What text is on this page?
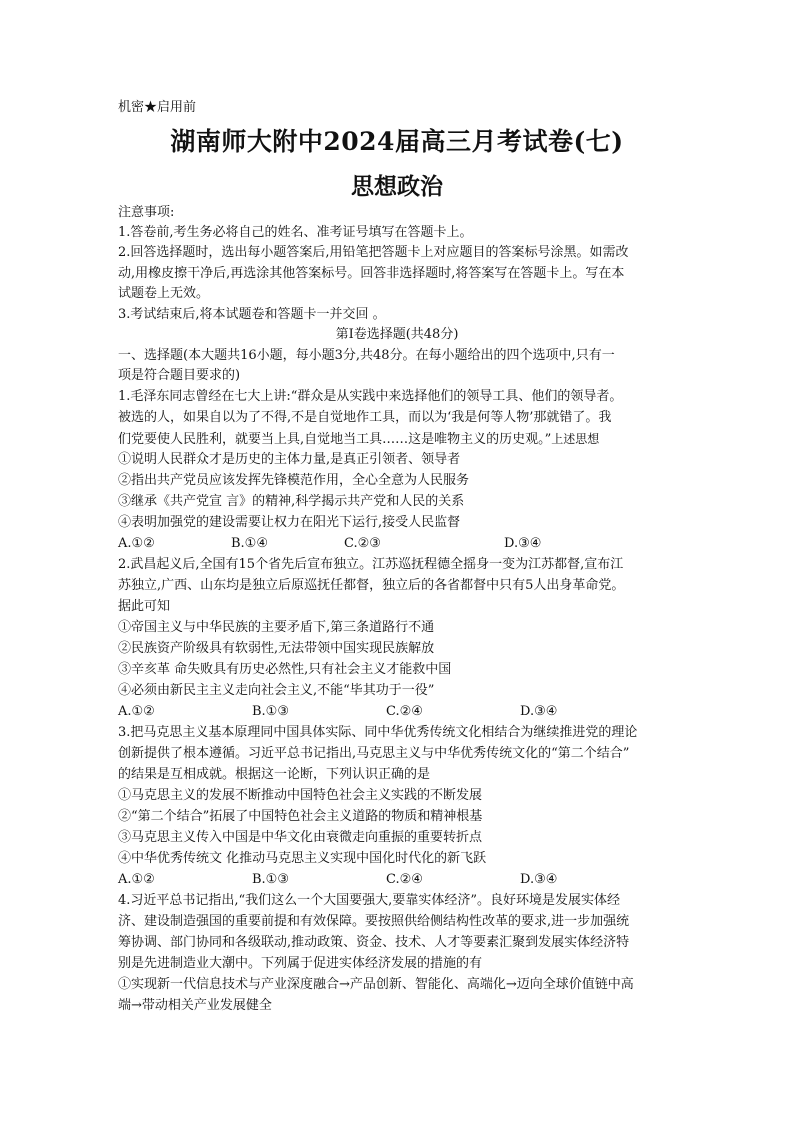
机密★启用前
湖南师大附中2024届高三月考试卷(七)
思想政治
注意事项:
1.答卷前,考生务必将自己的姓名、准考证号填写在答题卡上。
2.回答选择题时，选出每小题答案后,用铅笔把答题卡上对应题目的答案标号涂黑。如需改
动,用橡皮擦干净后,再选涂其他答案标号。回答非选择题时,将答案写在答题卡上。写在本
试题卷上无效。
3.考试结束后,将本试题卷和答题卡一并交回 。
第Ⅰ卷选择题(共48分)
一、选择题(本大题共16小题，每小题3分,共48分。在每小题给出的四个选项中,只有一
项是符合题目要求的)
1.毛泽东同志曾经在七大上讲:“群众是从实践中来选择他们的领导工具、他们的领导者。
被选的人，如果自以为了不得,不是自觉地作工具，而以为‘我是何等人物’那就错了。我
们党要使人民胜利，就要当上具,自觉地当工具……这是唯物主义的历史观。”上述思想
①说明人民群众才是历史的主体力量,是真正引领者、领导者
②指出共产党员应该发挥先锋模范作用，全心全意为人民服务
③继承《共产党宣 言》的精神,科学揭示共产党和人民的关系
④表明加强党的建设需要让权力在阳光下运行,接受人民监督
A.①②	B.①④	C.②③	D.③④
2.武昌起义后,全国有15个省先后宣布独立。江苏巡抚程德全摇身一变为江苏都督,宣布江
苏独立,广西、山东均是独立后原巡抚任都督，独立后的各省都督中只有5人出身革命党。
据此可知
①帝国主义与中华民族的主要矛盾下,第三条道路行不通
②民族资产阶级具有软弱性,无法带领中国实现民族解放
③辛亥革 命失败具有历史必然性,只有社会主义才能救中国
④必须由新民主主义走向社会主义,不能“毕其功于一役”
A.①②	B.①③	C.②④	D.③④
3.把马克思主义基本原理同中国具体实际、同中华优秀传统文化相结合为继续推进党的理论
创新提供了根本遵循。习近平总书记指出,马克思主义与中华优秀传统文化的“第二个结合”
的结果是互相成就。根据这一论断，下列认识正确的是
①马克思主义的发展不断推动中国特色社会主义实践的不断发展
②“第二个结合”拓展了中国特色社会主义道路的物质和精神根基
③马克思主义传入中国是中华文化由衰微走向重振的重要转折点
④中华优秀传统文 化推动马克思主义实现中国化时代化的新飞跃
A.①②	B.①③	C.②④	D.③④
4.习近平总书记指出,“我们这么一个大国要强大,要靠实体经济”。良好环境是发展实体经
济、建设制造强国的重要前提和有效保障。要按照供给侧结构性改革的要求,进一步加强统
筹协调、部门协同和各级联动,推动政策、资金、技术、人才等要素汇聚到发展实体经济特
别是先进制造业大潮中。下列属于促进实体经济发展的措施的有
①实现新一代信息技术与产业深度融合→产品创新、智能化、高端化→迈向全球价值链中高
端→带动相关产业发展健全
